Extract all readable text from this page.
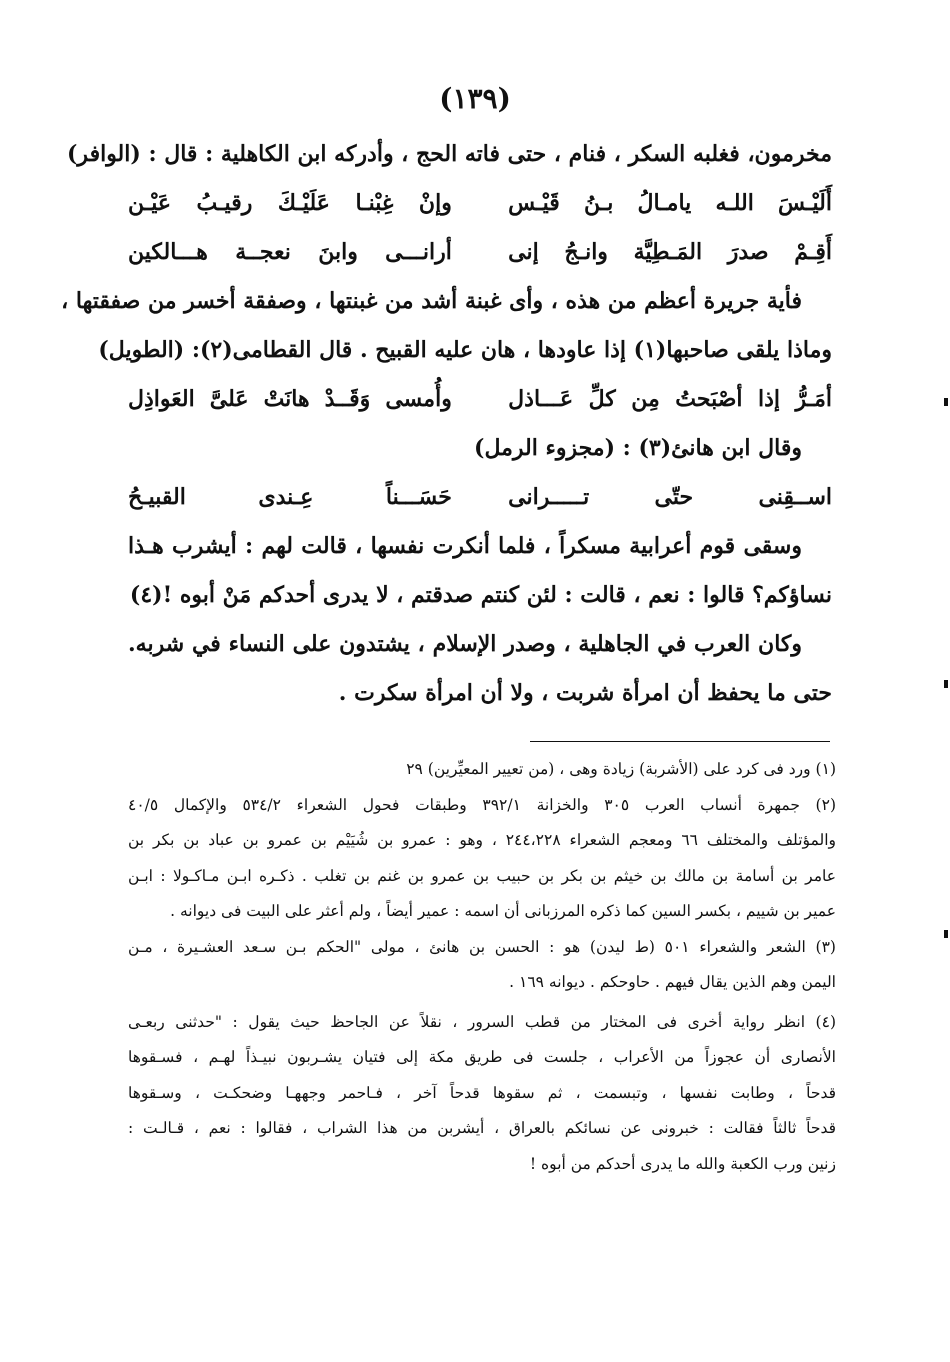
(١٣٩)
مخرمون، فغلبه السكر ، فنام ، حتى فاته الحج ، وأدركه ابن الكاهلية : قال : (الوافر)
أَلَيْـسَ اللـه يامـالُ بـنُ قَيْـس
وإنْ غِبْنـا عَلَيْـكَ رقيـبُ عَيْـن
أَقِـمْ صدرَ المَـطِيَّة وانـجُ إنى
أرانـــى وابنَ نعجــة هـــالكين
فأية جريرة أعظم من هذه ، وأى غبنة أشد من غبنتها ، وصفقة أخسر من صفقتها ،
وماذا يلقى صاحبها(١) إذا عاودها ، هان عليه القبيح . قال القطامى(٢): (الطويل)
أمَـرُّ إذا أصْبَحتُ مِن كلِّ عَـــاذل
وأُمسى وَقَــدْ هانَتْ عَلىَّ العَواذِل
وقال ابن هانئ(٣) : (مجزوء الرمل)
اســقِنى حتّى تـــــرانى
حَسَـــناً عِـندى القبيـحُ
وسقى قوم أعرابية مسكراً ، فلما أنكرت نفسها ، قالت لهم : أيشرب هـذا
نساؤكم؟ قالوا : نعم ، قالت : لئن كنتم صدقتم ، لا يدرى أحدكم مَنْ أبوه !(٤)
وكان العرب في الجاهلية ، وصدر الإسلام ، يشتدون على النساء في شربه.
حتى ما يحفظ أن امرأة شربت ، ولا أن امرأة سكرت .
(١) ورد فى كرد على (الأشربة) زيادة وهى ، (من تعيير المعيِّرين) ٢٩
(٢) جمهرة أنساب العرب ٣٠٥ والخزانة ٣٩٢/١ وطبقات فحول الشعراء ٥٣٤/٢ والإكمال ٤٠/٥
والمؤتلف والمختلف ٦٦ ومعجم الشعراء ٢٤٤،٢٢٨ ، وهو : عمرو بن شُيَيْم بن عمرو بن عباد بن بكر بن
عامر بن أسامة بن مالك بن خيثم بن بكر بن حبيب بن عمرو بن غنم بن تغلب . ذكـره ابـن مـاكـولا : ابـن
عمير بن شييم ، بكسر السين كما ذكره المرزبانى أن اسمه : عمير أيضاً ، ولم أعثر على البيت فى ديوانه .
(٣) الشعر والشعراء ٥٠١ (ط ليدن) هو : الحسن بن هانئ ، مولى "الحكم بـن سـعد العشـيرة ، مـن
اليمن وهم الذين يقال فيهم . حاوحكم . ديوانه ١٦٩ .
(٤) انظر رواية أخرى فى المختار من قطب السرور ، نقلاً عن الجاحظ حيث يقول : "حدثنى ربعـى
الأنصارى أن عجوزاً من الأعراب ، جلست فى طريق مكة إلى فتيان يشـربون نبيـذاً لهـم ، فسـقوها
قدحاً ، وطابت نفسها ، وتبسمت ، ثم سقوها قدحاً آخر ، فـاحمر وجههـا وضحكـت ، وسـقوها
قدحاً ثالثاً فقالت : خبرونى عن نسائكم بالعراق ، أيشربن من هذا الشراب ، فقالوا : نعم ، قـالـت :
زنين ورب الكعبة والله ما يدرى أحدكم من أبوه !
